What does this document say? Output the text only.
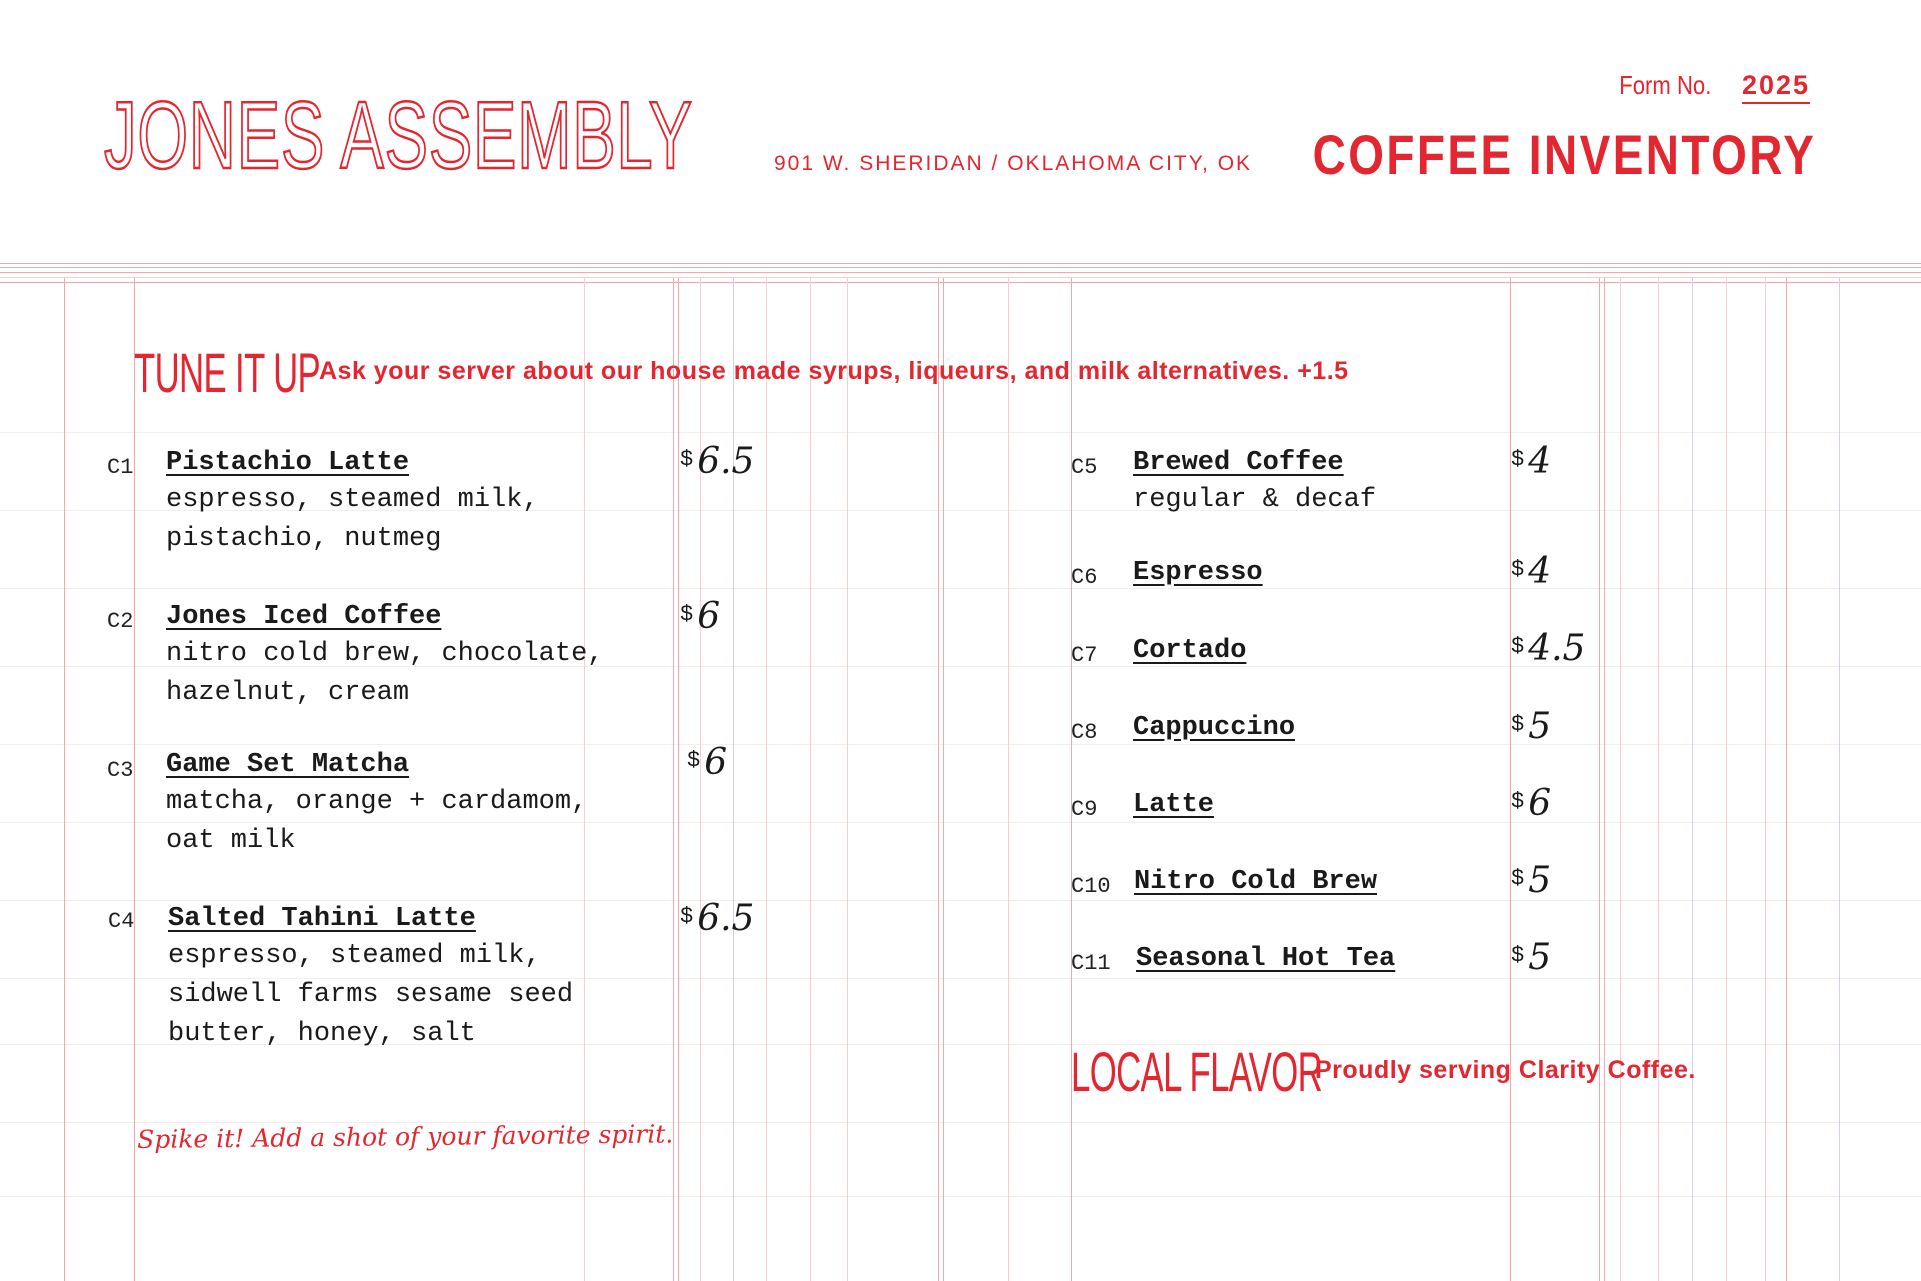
JONES ASSEMBLY	901 W. SHERIDAN / OKLAHOMA CITY, OK
Form No. 2025
COFFEE INVENTORY
TUNE IT UP
Ask your server about our house made syrups, liqueurs, and milk alternatives. +1.5
C1 Pistachio Latte
espresso, steamed milk,
pistachio, nutmeg
$ 6.5
C2 Jones Iced Coffee
nitro cold brew, chocolate,
hazelnut, cream
$ 6
C3 Game Set Matcha
matcha, orange + cardamom,
oat milk
$ 6
C4 Salted Tahini Latte
espresso, steamed milk,
sidwell farms sesame seed
butter, honey, salt
$ 6.5
C5 Brewed Coffee
regular & decaf
$ 4
C6 Espresso	$ 4
C7 Cortado	$ 4.5
C8 Cappuccino	$ 5
C9 Latte	$ 6
C10 Nitro Cold Brew	$ 5
C11 Seasonal Hot Tea	$ 5
Spike it! Add a shot of your favorite spirit.
LOCAL FLAVOR
Proudly serving Clarity Coffee.
